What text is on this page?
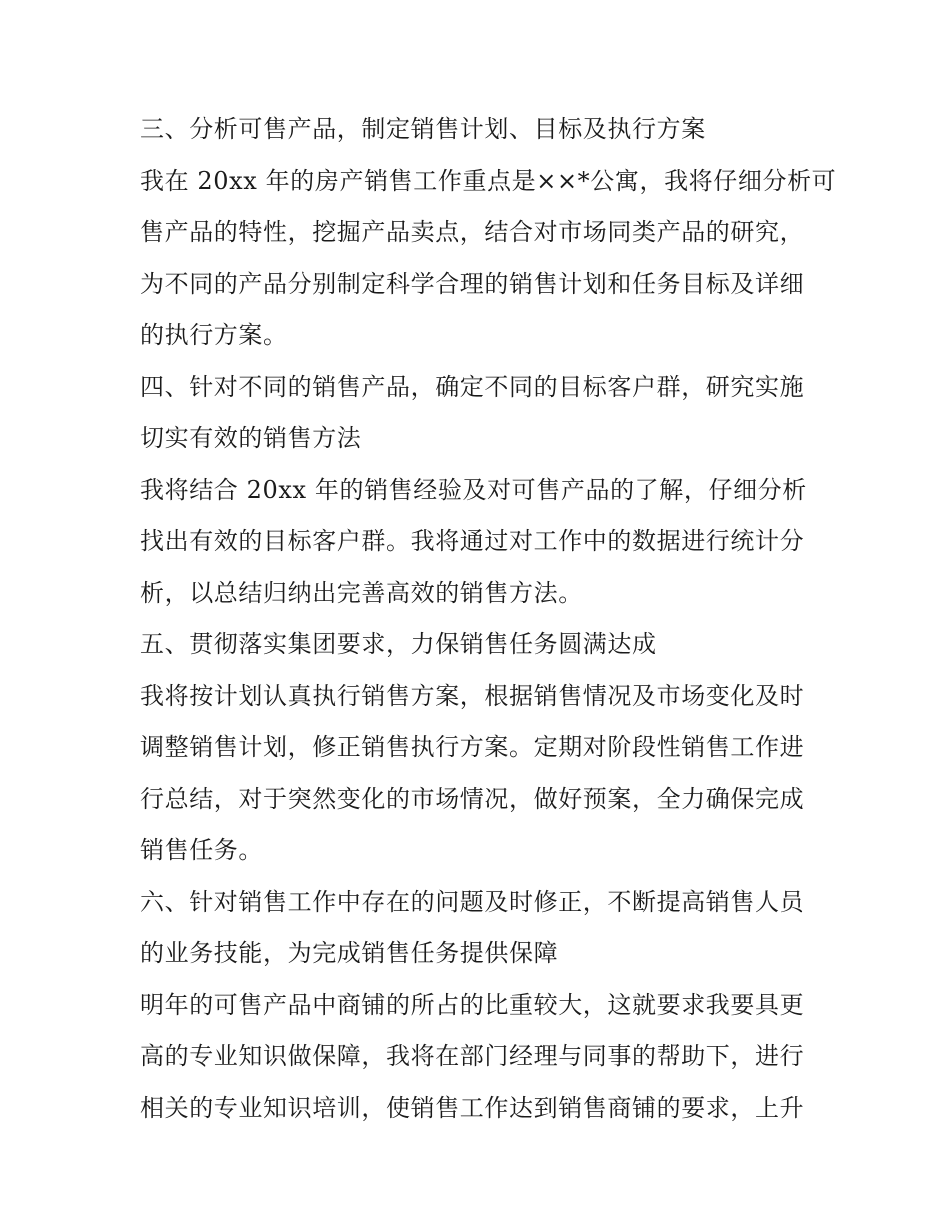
三、分析可售产品，制定销售计划、目标及执行方案
我在 20xx 年的房产销售工作重点是××*公寓，我将仔细分析可
售产品的特性，挖掘产品卖点，结合对市场同类产品的研究，
为不同的产品分别制定科学合理的销售计划和任务目标及详细
的执行方案。
四、针对不同的销售产品，确定不同的目标客户群，研究实施
切实有效的销售方法
我将结合 20xx 年的销售经验及对可售产品的了解，仔细分析
找出有效的目标客户群。我将通过对工作中的数据进行统计分
析，以总结归纳出完善高效的销售方法。
五、贯彻落实集团要求，力保销售任务圆满达成
我将按计划认真执行销售方案，根据销售情况及市场变化及时
调整销售计划，修正销售执行方案。定期对阶段性销售工作进
行总结，对于突然变化的市场情况，做好预案，全力确保完成
销售任务。
六、针对销售工作中存在的问题及时修正，不断提高销售人员
的业务技能，为完成销售任务提供保障
明年的可售产品中商铺的所占的比重较大，这就要求我要具更
高的专业知识做保障，我将在部门经理与同事的帮助下，进行
相关的专业知识培训，使销售工作达到销售商铺的要求，上升
